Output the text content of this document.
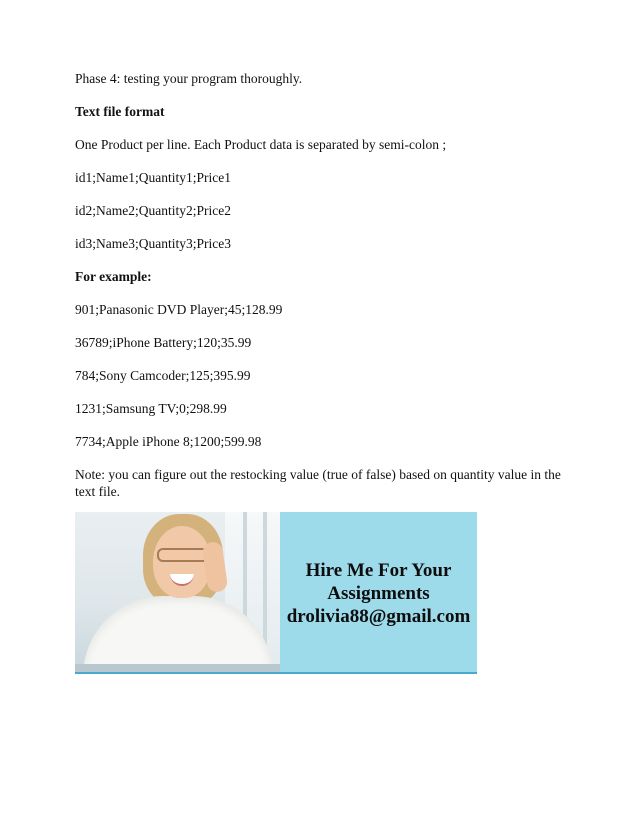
Phase 4: testing your program thoroughly.

Text file format

One Product per line. Each Product data is separated by semi-colon ;

id1;Name1;Quantity1;Price1

id2;Name2;Quantity2;Price2

id3;Name3;Quantity3;Price3

For example:

901;Panasonic DVD Player;45;128.99

36789;iPhone Battery;120;35.99

784;Sony Camcoder;125;395.99

1231;Samsung TV;0;298.99

7734;Apple iPhone 8;1200;599.98

Note: you can figure out the restocking value (true of false) based on quantity value in the text file.

Hire Me For Your
Assignments
drolivia88@gmail.com
